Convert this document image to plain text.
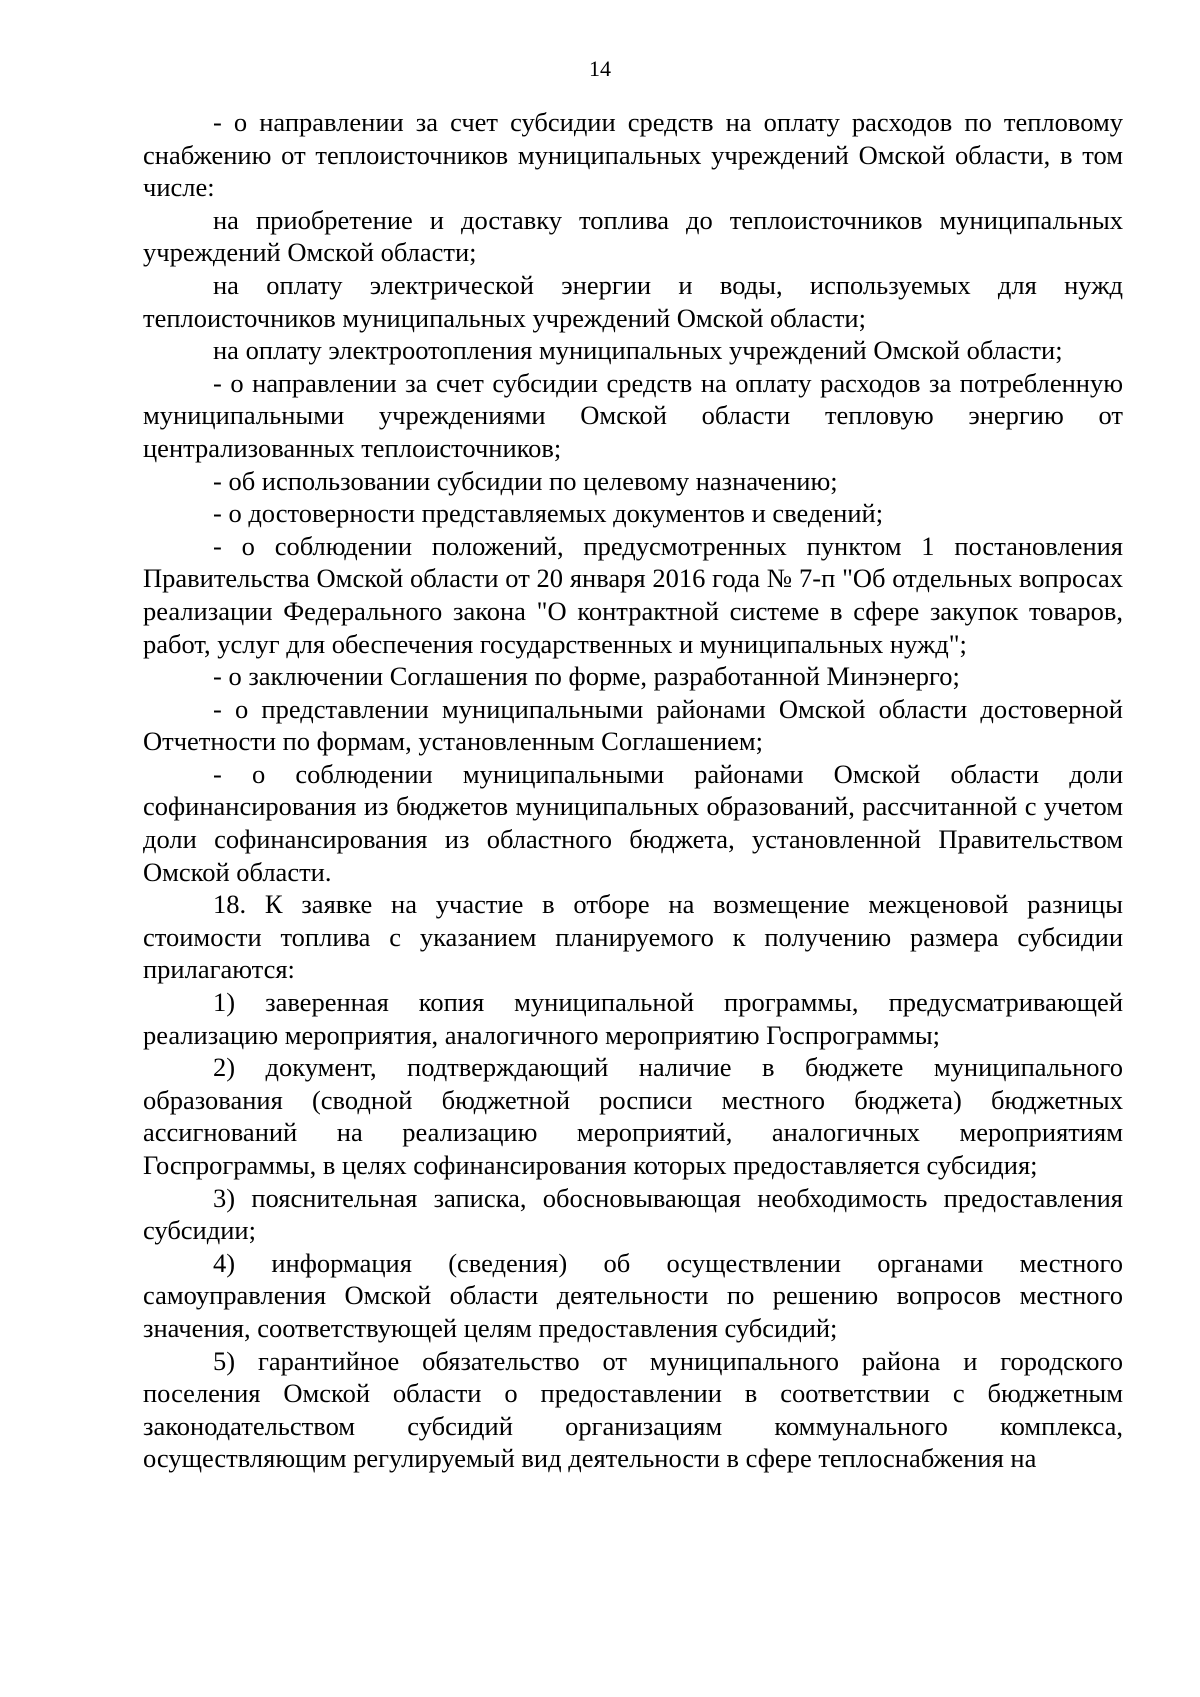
14

- о направлении за счет субсидии средств на оплату расходов по тепловому снабжению от теплоисточников муниципальных учреждений Омской области, в том числе:

на приобретение и доставку топлива до теплоисточников муниципальных учреждений Омской области;

на оплату электрической энергии и воды, используемых для нужд теплоисточников муниципальных учреждений Омской области;

на оплату электроотопления муниципальных учреждений Омской области;

- о направлении за счет субсидии средств на оплату расходов за потребленную муниципальными учреждениями Омской области тепловую энергию от централизованных теплоисточников;

- об использовании субсидии по целевому назначению;

- о достоверности представляемых документов и сведений;

- о соблюдении положений, предусмотренных пунктом 1 постановления Правительства Омской области от 20 января 2016 года № 7-п "Об отдельных вопросах реализации Федерального закона "О контрактной системе в сфере закупок товаров, работ, услуг для обеспечения государственных и муниципальных нужд";

- о заключении Соглашения по форме, разработанной Минэнерго;

- о представлении муниципальными районами Омской области достоверной Отчетности по формам, установленным Соглашением;

- о соблюдении муниципальными районами Омской области доли софинансирования из бюджетов муниципальных образований, рассчитанной с учетом доли софинансирования из областного бюджета, установленной Правительством Омской области.

18. К заявке на участие в отборе на возмещение межценовой разницы стоимости топлива с указанием планируемого к получению размера субсидии прилагаются:

1) заверенная копия муниципальной программы, предусматривающей реализацию мероприятия, аналогичного мероприятию Госпрограммы;

2) документ, подтверждающий наличие в бюджете муниципального образования (сводной бюджетной росписи местного бюджета) бюджетных ассигнований на реализацию мероприятий, аналогичных мероприятиям Госпрограммы, в целях софинансирования которых предоставляется субсидия;

3) пояснительная записка, обосновывающая необходимость предоставления субсидии;

4) информация (сведения) об осуществлении органами местного самоуправления Омской области деятельности по решению вопросов местного значения, соответствующей целям предоставления субсидий;

5) гарантийное обязательство от муниципального района и городского поселения Омской области о предоставлении в соответствии с бюджетным законодательством субсидий организациям коммунального комплекса, осуществляющим регулируемый вид деятельности в сфере теплоснабжения на
